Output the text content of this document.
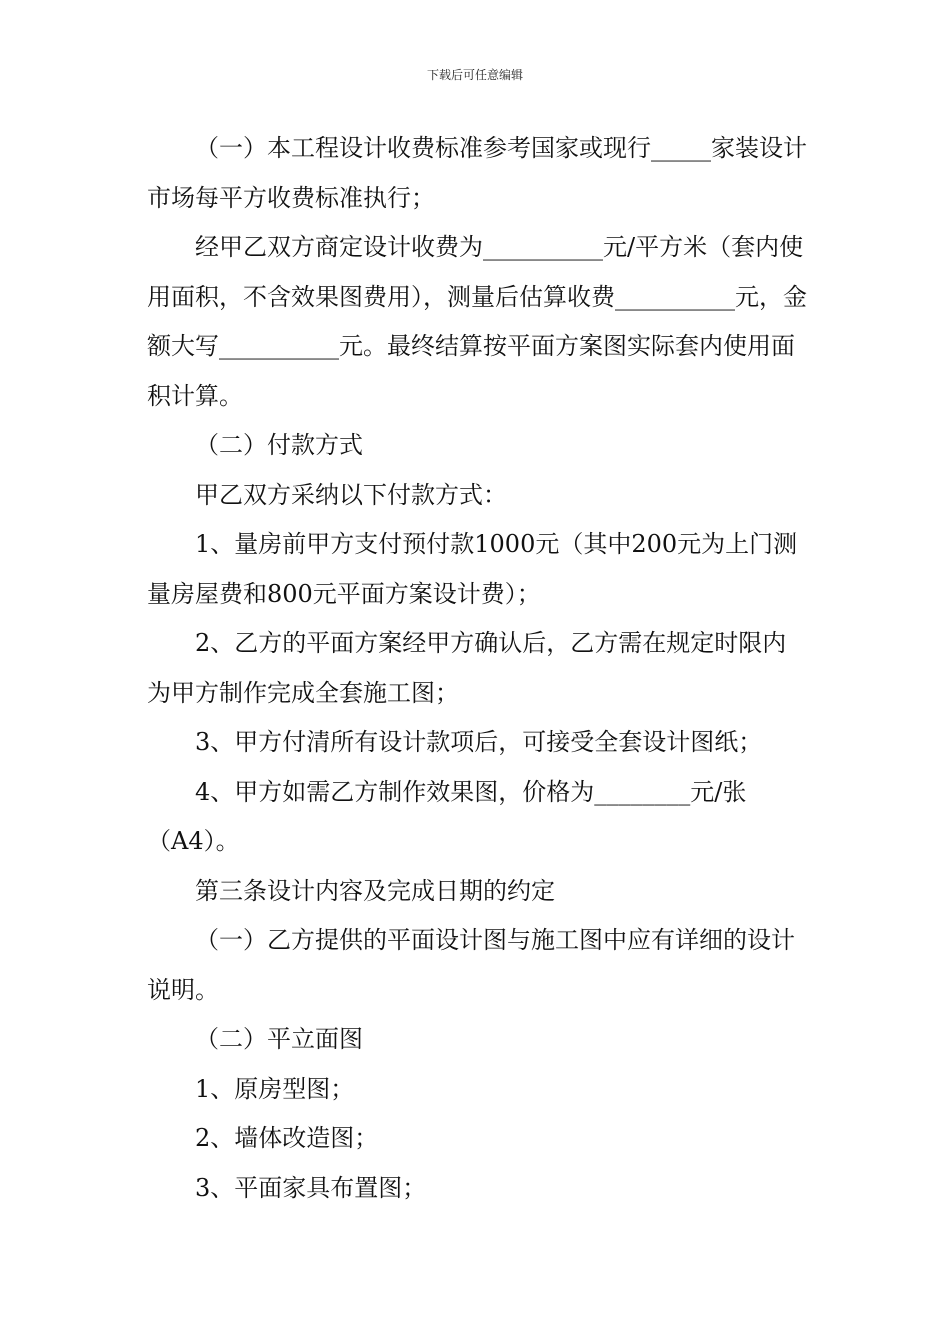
下载后可任意编辑

（一）本工程设计收费标准参考国家或现行_____家装设计市场每平方收费标准执行；

经甲乙双方商定设计收费为__________元/平方米（套内使用面积，不含效果图费用），测量后估算收费__________元，金额大写__________元。最终结算按平面方案图实际套内使用面积计算。

（二）付款方式

甲乙双方采纳以下付款方式：

1、量房前甲方支付预付款1000元（其中200元为上门测量房屋费和800元平面方案设计费）；

2、乙方的平面方案经甲方确认后，乙方需在规定时限内为甲方制作完成全套施工图；

3、甲方付清所有设计款项后，可接受全套设计图纸；

4、甲方如需乙方制作效果图，价格为________元/张（A4）。

第三条设计内容及完成日期的约定

（一）乙方提供的平面设计图与施工图中应有详细的设计说明。

（二）平立面图

1、原房型图；

2、墙体改造图；

3、平面家具布置图；
